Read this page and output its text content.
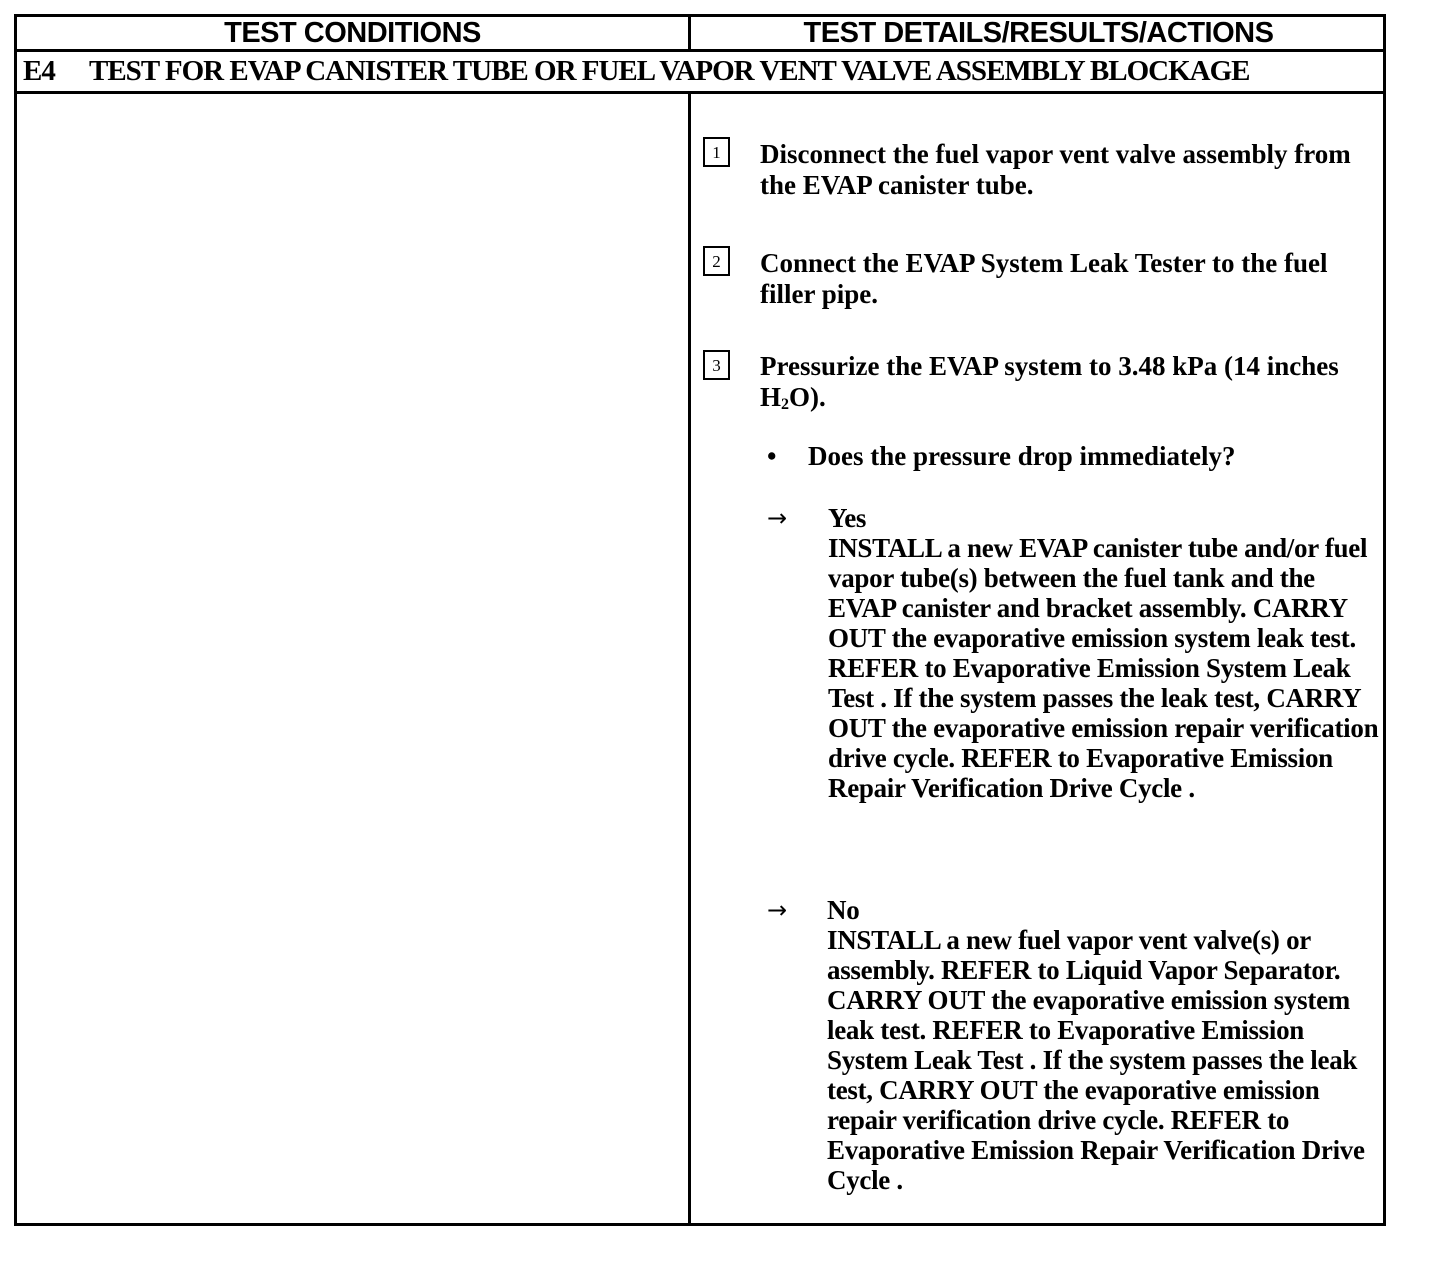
TEST CONDITIONS	TEST DETAILS/RESULTS/ACTIONS
E4	TEST FOR EVAP CANISTER TUBE OR FUEL VAPOR VENT VALVE ASSEMBLY BLOCKAGE
1	Disconnect the fuel vapor vent valve assembly from the EVAP canister tube.
2	Connect the EVAP System Leak Tester to the fuel filler pipe.
3	Pressurize the EVAP system to 3.48 kPa (14 inches $H_2O$).
• Does the pressure drop immediately?
→ Yes
INSTALL a new EVAP canister tube and/or fuel vapor tube(s) between the fuel tank and the EVAP canister and bracket assembly. CARRY OUT the evaporative emission system leak test. REFER to Evaporative Emission System Leak Test . If the system passes the leak test, CARRY OUT the evaporative emission repair verification drive cycle. REFER to Evaporative Emission Repair Verification Drive Cycle .
→ No
INSTALL a new fuel vapor vent valve(s) or assembly. REFER to Liquid Vapor Separator. CARRY OUT the evaporative emission system leak test. REFER to Evaporative Emission System Leak Test . If the system passes the leak test, CARRY OUT the evaporative emission repair verification drive cycle. REFER to Evaporative Emission Repair Verification Drive Cycle .
